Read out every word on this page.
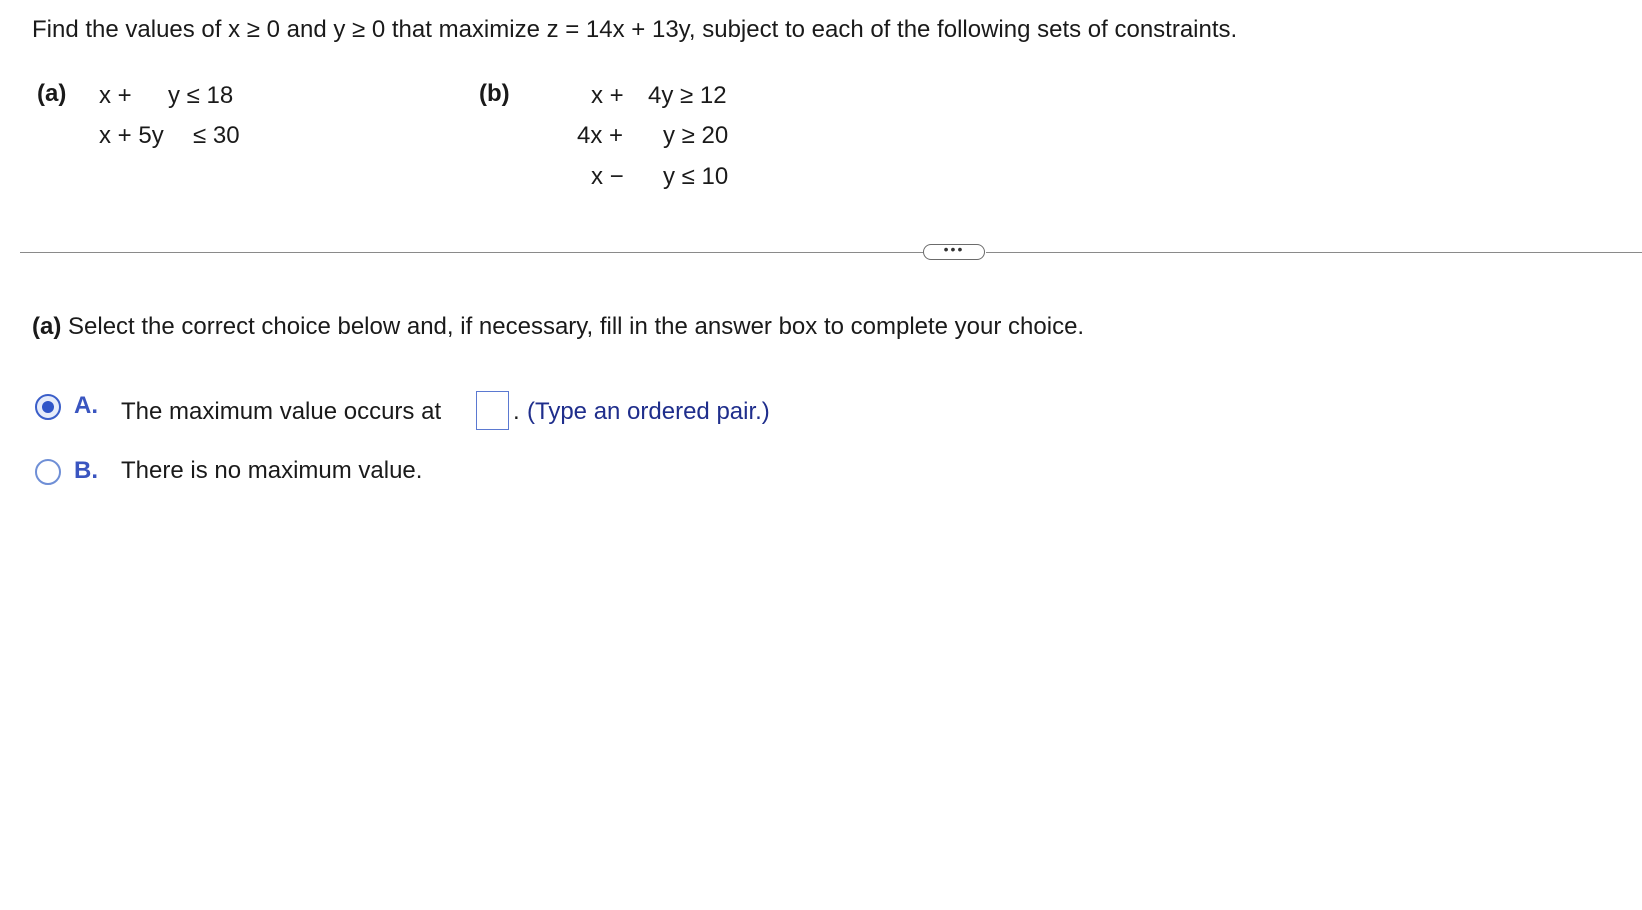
Find the values of x ≥ 0 and y ≥ 0 that maximize z = 14x + 13y, subject to each of the following sets of constraints.
(a) x + y ≤ 18
x + 5y ≤ 30
(b)	x + 4y ≥ 12
4x + y ≥ 20
x − y ≤ 10
•••
(a) Select the correct choice below and, if necessary, fill in the answer box to complete your choice.
A. The maximum value occurs at	. (Type an ordered pair.)
B. There is no maximum value.
